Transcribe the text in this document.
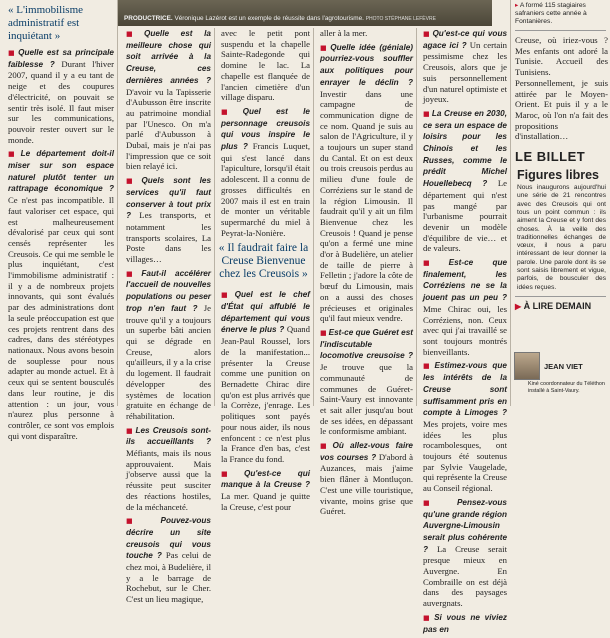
« L'immobilisme administratif est inquiétant »
■ Quelle est sa principale faiblesse ? Durant l'hiver 2007, quand il y a eu tant de neige et des coupures d'électricité, on pouvait se sentir très isolé. Il faut miser sur les communications, pouvoir rester ouvert sur le monde.
■ Le département doit-il miser sur son espace naturel plutôt tenter un rattrapage économique ? Ce n'est pas incompatible. Il faut valoriser cet espace, qui est malheureusement dévalorisé par ceux qui sont censés représenter les Creusois. Ce qui me semble le plus inquiétant, c'est l'immobilisme administratif : il y a de nombreux projets innovants, qui sont évalués par des administrations dont la seule préoccupation est que ces projets rentrent dans des cadres, dans des stéréotypes nationaux. Nous avons besoin de souplesse pour nous adapter au monde actuel. Et à ceux qui se sentent bousculés dans leur routine, je dis attention : un jour, vous n'aurez plus personne à contrôler, ce sont vos emplois qui vont disparaître.
PRODUCTRICE. Véronique Lazérot est un exemple de réussite dans l'agrotourisme. PHOTO STÉPHANE LEFÈVRE
■ Quelle est la meilleure chose qui soit arrivée à la Creuse, ces dernières années ? D'avoir vu la Tapisserie d'Aubusson être inscrite au patrimoine mondial par l'Unesco. On m'a parlé d'Aubusson à Dubaï, mais je n'ai pas l'impression que ce soit bien relayé ici.
■ Quels sont les services qu'il faut conserver à tout prix ? Les transports, et notamment les transports scolaires, La Poste dans les villages…
■ Faut-il accélérer l'accueil de nouvelles populations ou peser trop n'en faut ? Je trouve qu'il y a toujours un superbe bâti ancien qui se dégrade en Creuse, alors qu'ailleurs, il y a la crise du logement. Il faudrait développer des systèmes de location gratuite en échange de réhabilitation.
■ Les Creusois sont-ils accueillants ? Méfiants, mais ils nous approuvaient. Mais j'observe aussi que la réussite peut susciter des réactions hostiles, de la méchanceté.
■ Pouvez-vous décrire un site creusois qui vous touche ? Pas celui de chez moi, à Budelière, il y a le barrage de Rochebut, sur le Cher. C'est un lieu magique,
avec le petit pont suspendu et la chapelle Sainte-Radegonde qui domine le lac. La chapelle est flanquée de l'ancien cimetière d'un village disparu.
■ Quel est le personnage creusois qui vous inspire le plus ? Francis Luquet, qui s'est lancé dans l'apiculture, lorsqu'il était adolescent. Il a connu de grosses difficultés en 2007 mais il est en train de monter un véritable supermarché du miel à Peyrat-la-Nonière.
« Il faudrait faire la Creuse Bienvenue chez les Creusois »
■ Quel est le chef d'État qui affublé le département qui vous énerve le plus ? Quand Jean-Paul Roussel, lors de la manifestation... présenter la Creuse comme une punition on Bernadette Chirac dire qu'on est plus arrivés que la Corrèze, j'enrage. Les politiques sont payés pour nous aider, ils nous enfoncent : ce n'est plus la France d'en bas, c'est la France du fond.
■ Qu'est-ce qui manque à la Creuse ? La mer. Quand je quitte la Creuse, c'est pour
aller à la mer.
■ Quelle idée (géniale) pourriez-vous souffler aux politiques pour enrayer le déclin ? Investir dans une campagne de communication digne de ce nom. Quand je suis au salon de l'Agriculture, il y a toujours un super stand du Cantal. Et on est deux ou trois creusois perdus au milieu d'une foule de Corréziens sur le stand de la région Limousin. Il faudrait qu'il y ait un film Bienvenue chez les Creusois ! Quand je pense qu'on a fermé une mine d'or à Budelière, un atelier de taille de pierre à Felletin ; j'adore la côte de bœuf du Limousin, mais on a aussi des choses précieuses et originales qu'il faut mieux vendre.
■ Est-ce que Guéret est l'indiscutable locomotive creusoise ? Je trouve que la communauté de communes de Guéret-Saint-Vaury est innovante et sait aller jusqu'au bout de ses idées, en dépassant le conformisme ambiant.
■ Où allez-vous faire vos courses ? D'abord à Auzances, mais j'aime bien flâner à Montluçon. C'est une ville touristique, vivante, moins grise que Guéret.
■ Qu'est-ce qui vous agace ici ? Un certain pessimisme chez les Creusois, alors que je suis personnellement d'un naturel optimiste et joyeux.
■ La Creuse en 2030, ce sera un espace de loisirs pour les Chinois et les Russes, comme le prédit Michel Houellebecq ? Le département qui n'est pas mangé par l'urbanisme pourrait devenir un modèle d'équilibre de vie… et de valeurs.
■ Est-ce que finalement, les Corréziens ne se la jouent pas un peu ? Mme Chirac oui, les Corréziens, non. Ceux avec qui j'ai travaillé se sont toujours montrés bienveillants.
■ Estimez-vous que les intérêts de la Creuse sont suffisamment pris en compte à Limoges ? Mes projets, voire mes idées les plus rocambolesques, ont toujours été soutenus par Sylvie Vaugelade, qui représente la Creuse au Conseil régional.
■ Pensez-vous qu'une grande région Auvergne-Limousin serait plus cohérente ? La Creuse serait presque mieux en Auvergne. En Combraille on est déjà dans des paysages auvergnats.
■ Si vous ne viviez pas en
▸ A formé 115 stagiaires safraniers cette année à Fontanières.
Creuse, où iriez-vous ? Mes enfants ont adoré la Tunisie. Accueil des Tunisiens. Personnellement, je suis attirée par le Moyen-Orient. Et puis il y a le Maroc, où l'on n'a fait des propositions d'installation…
LE BILLET
Figures libres
Nous inaugurons aujourd'hui une série de 21 rencontres avec des Creusois qui ont tous un point commun : ils aiment la Creuse et y font des choses. À la veille des traditionnelles échanges de vœux, il nous a paru intéressant de leur donner la parole. Une parole dont ils se sont saisis librement et vigue, parfois, de bousculer des idées reçues.
▶ À LIRE DEMAIN
JEAN VIET
Kiné coordonnateur du Téléthon installé à Saint-Vaury.
